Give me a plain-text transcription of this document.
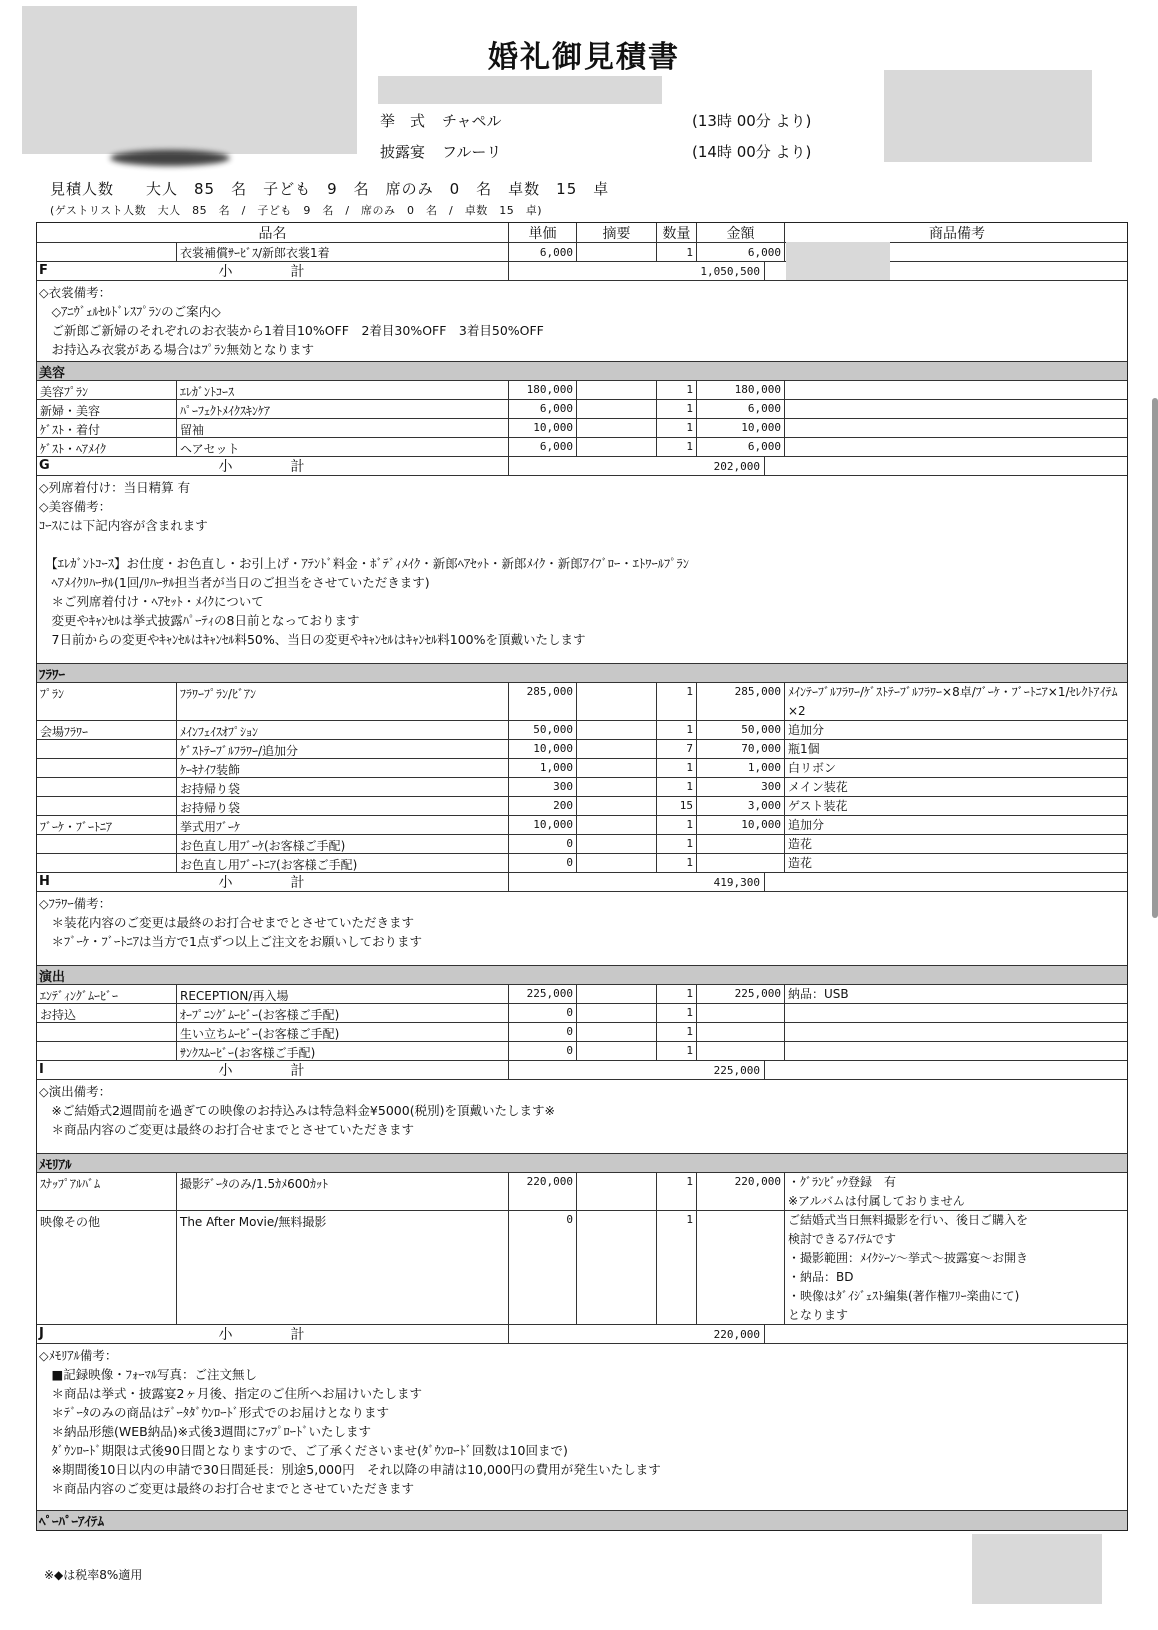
婚礼御見積書
挙　式 チャペル	(13時 00分 より)
披露宴 フルーリ	(14時 00分 より)
見積人数　　大人　85　名　子ども　9　名　席のみ　0　名　卓数　15　卓
(ゲストリスト人数　大人　85　名　/　子ども　9　名　/　席のみ　0　名　/　卓数　15　卓)
品名	単価	摘要	数量	金額	商品備考
衣裳補償ｻｰﾋﾞｽ/新郎衣裳1着	6,000	1	6,000
F	小　計	1,050,500
◇衣裳備考：
　◇ｱﾆｳﾞｪﾙｾﾙﾄﾞﾚｽﾌﾟﾗﾝのご案内◇
　ご新郎ご新婦のそれぞれのお衣装から1着目10%OFF　2着目30%OFF　3着目50%OFF
　お持込み衣裳がある場合はﾌﾟﾗﾝ無効となります
美容
美容ﾌﾟﾗﾝ	ｴﾚｶﾞﾝﾄｺｰｽ	180,000	1	180,000
新婦・美容	ﾊﾟｰﾌｪｸﾄﾒｲｸｽｷﾝｹｱ	6,000	1	6,000
ｹﾞｽﾄ・着付	留袖	10,000	1	10,000
ｹﾞｽﾄ・ﾍｱﾒｲｸ	ヘアセット	6,000	1	6,000
G	小　計	202,000
◇列席着付け：当日精算 有
◇美容備考：
ｺｰｽには下記内容が含まれます

　【ｴﾚｶﾞﾝﾄｺｰｽ】お仕度・お色直し・お引上げ・ｱﾃﾝﾄﾞ料金・ﾎﾞﾃﾞｨﾒｲｸ・新郎ﾍｱｾｯﾄ・新郎ﾒｲｸ・新郎ｱｲﾌﾞﾛｰ・ｴﾄﾜｰﾙﾌﾟﾗﾝ
　ﾍｱﾒｲｸﾘﾊｰｻﾙ(1回/ﾘﾊｰｻﾙ担当者が当日のご担当をさせていただきます)
　＊ご列席着付け・ﾍｱｾｯﾄ・ﾒｲｸについて
　変更やｷｬﾝｾﾙは挙式披露ﾊﾟｰﾃｨの8日前となっております
　7日前からの変更やｷｬﾝｾﾙはｷｬﾝｾﾙ料50%、当日の変更やｷｬﾝｾﾙはｷｬﾝｾﾙ料100%を頂戴いたします
ﾌﾗﾜｰ
ﾌﾟﾗﾝ	ﾌﾗﾜｰﾌﾟﾗﾝ/ﾋﾞｱﾝ	285,000	1	285,000 ﾒｲﾝﾃｰﾌﾞﾙﾌﾗﾜｰ/ｹﾞｽﾄﾃｰﾌﾞﾙﾌﾗﾜｰ×8卓/ﾌﾞｰｹ・ﾌﾞｰﾄﾆｱ×1/ｾﾚｸﾄｱｲﾃﾑ×2
会場ﾌﾗﾜｰ	ﾒｲﾝﾌｪｲｽｵﾌﾟｼｮﾝ	50,000	1	50,000 追加分
ｹﾞｽﾄﾃｰﾌﾞﾙﾌﾗﾜｰ/追加分	10,000	7	70,000 瓶1個
ｹｰｷﾅｲﾌ装飾	1,000	1	1,000 白リボン
お持帰り袋	300	1	300 メイン装花
お持帰り袋	200	15	3,000 ゲスト装花
ﾌﾞｰｹ・ﾌﾞｰﾄﾆｱ	挙式用ﾌﾞｰｹ	10,000	1	10,000 追加分
お色直し用ﾌﾞｰｹ(お客様ご手配)	0	1	造花
お色直し用ﾌﾞｰﾄﾆｱ(お客様ご手配)	0	1	造花
H	小　計	419,300
◇ﾌﾗﾜｰ備考：
　＊装花内容のご変更は最終のお打合せまでとさせていただきます
　＊ﾌﾞｰｹ・ﾌﾞｰﾄﾆｱは当方で1点ずつ以上ご注文をお願いしております
演出
ｴﾝﾃﾞｨﾝｸﾞﾑｰﾋﾞｰ	RECEPTION/再入場	225,000	1	225,000 納品：USB
お持込	ｵｰﾌﾟﾆﾝｸﾞﾑｰﾋﾞｰ(お客様ご手配)	0	1
生い立ちﾑｰﾋﾞｰ(お客様ご手配)	0	1
ｻﾝｸｽﾑｰﾋﾞｰ(お客様ご手配)	0	1
I	小　計	225,000
◇演出備考：
　※ご結婚式2週間前を過ぎての映像のお持込みは特急料金¥5000(税別)を頂戴いたします※
　＊商品内容のご変更は最終のお打合せまでとさせていただきます
ﾒﾓﾘｱﾙ
ｽﾅｯﾌﾟｱﾙﾊﾞﾑ	撮影ﾃﾞｰﾀのみ/1.5ｶﾒ600ｶｯﾄ	220,000	1	220,000 ・ｸﾞﾗﾝﾋﾞｯｸ登録　有
※アルバムは付属しておりません
映像その他	The After Movie/無料撮影	0	1	ご結婚式当日無料撮影を行い、後日ご購入を
検討できるｱｲﾃﾑです
・撮影範囲：ﾒｲｸｼｰﾝ～挙式～披露宴～お開き
・納品：BD
・映像はﾀﾞｲｼﾞｪｽﾄ編集(著作権ﾌﾘｰ楽曲にて)
となります
J	小　計	220,000
◇ﾒﾓﾘｱﾙ備考：
　■記録映像・ﾌｫｰﾏﾙ写真：ご注文無し
　＊商品は挙式・披露宴2ヶ月後、指定のご住所へお届けいたします
　＊ﾃﾞｰﾀのみの商品はﾃﾞｰﾀﾀﾞｳﾝﾛｰﾄﾞ形式でのお届けとなります
　＊納品形態(WEB納品)※式後3週間にｱｯﾌﾟﾛｰﾄﾞいたします
　ﾀﾞｳﾝﾛｰﾄﾞ期限は式後90日間となりますので、ご了承くださいませ(ﾀﾞｳﾝﾛｰﾄﾞ回数は10回まで)
　※期間後10日以内の申請で30日間延長：別途5,000円　それ以降の申請は10,000円の費用が発生いたします
　＊商品内容のご変更は最終のお打合せまでとさせていただきます
ﾍﾟｰﾊﾟｰｱｲﾃﾑ
※◆は税率8%適用
